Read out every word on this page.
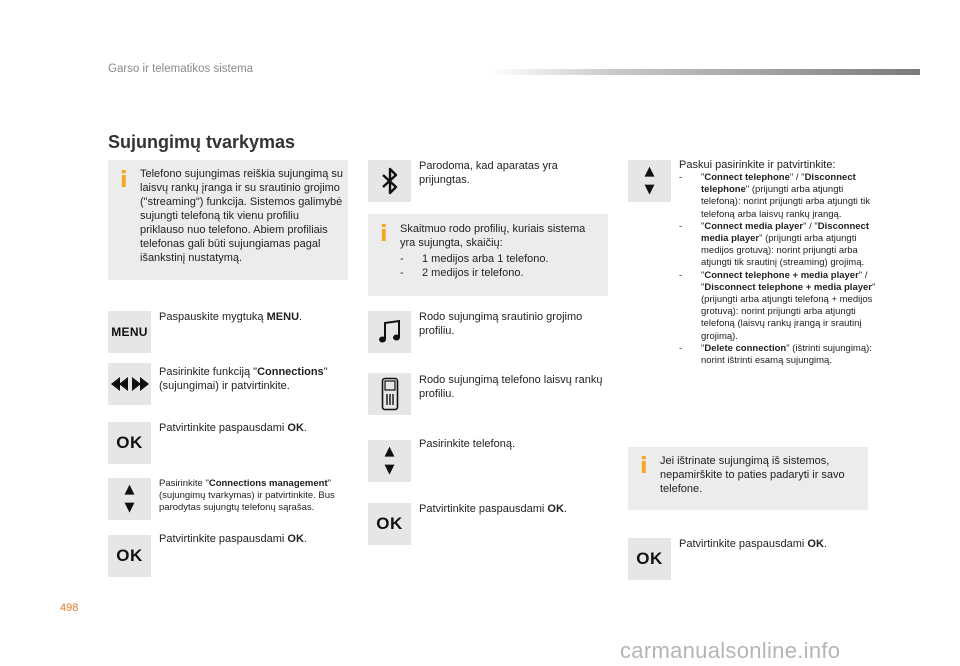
Garso ir telematikos sistema
Sujungimų tvarkymas
i Telefono sujungimas reiškia sujungimą su laisvų rankų įranga ir su srautinio grojimo ("streaming") funkcija. Sistemos galimybė sujungti telefoną tik vienu profiliu priklauso nuo telefono. Abiem profiliais telefonas gali būti sujungiamas pagal išankstinį nustatymą.
MENU
Paspauskite mygtuką MENU.
Pasirinkite funkciją "Connections" (sujungimai) ir patvirtinkite.
OK
Patvirtinkite paspausdami OK.
▲
▼
Pasirinkite "Connections management" (sujungimų tvarkymas) ir patvirtinkite. Bus parodytas sujungtų telefonų sąrašas.
OK
Patvirtinkite paspausdami OK.
Parodoma, kad aparatas yra prijungtas.
i Skaitmuo rodo profilių, kuriais sistema yra sujungta, skaičių:
-	1 medijos arba 1 telefono.
-	2 medijos ir telefono.
Rodo sujungimą srautinio grojimo profiliu.
Rodo sujungimą telefono laisvų rankų profiliu.
▲
▼
Pasirinkite telefoną.
OK
Patvirtinkite paspausdami OK.
▲
▼
Paskui pasirinkite ir patvirtinkite:
-	"Connect telephone" / "Disconnect telephone" (prijungti arba atjungti telefoną): norint prijungti arba atjungti tik telefoną arba laisvų rankų įrangą.
-	"Connect media player" / "Disconnect media player" (prijungti arba atjungti medijos grotuvą): norint prijungti arba atjungti tik srautinį (streaming) grojimą.
-	"Connect telephone + media player" / "Disconnect telephone + media player" (prijungti arba atjungti telefoną + medijos grotuvą): norint prijungti arba atjungti telefoną (laisvų rankų įrangą ir srautinį grojimą).
-	"Delete connection" (ištrinti sujungimą): norint ištrinti esamą sujungimą.
i Jei ištrinate sujungimą iš sistemos, nepamirškite to paties padaryti ir savo telefone.
OK
Patvirtinkite paspausdami OK.
498
carmanualsonline.info
